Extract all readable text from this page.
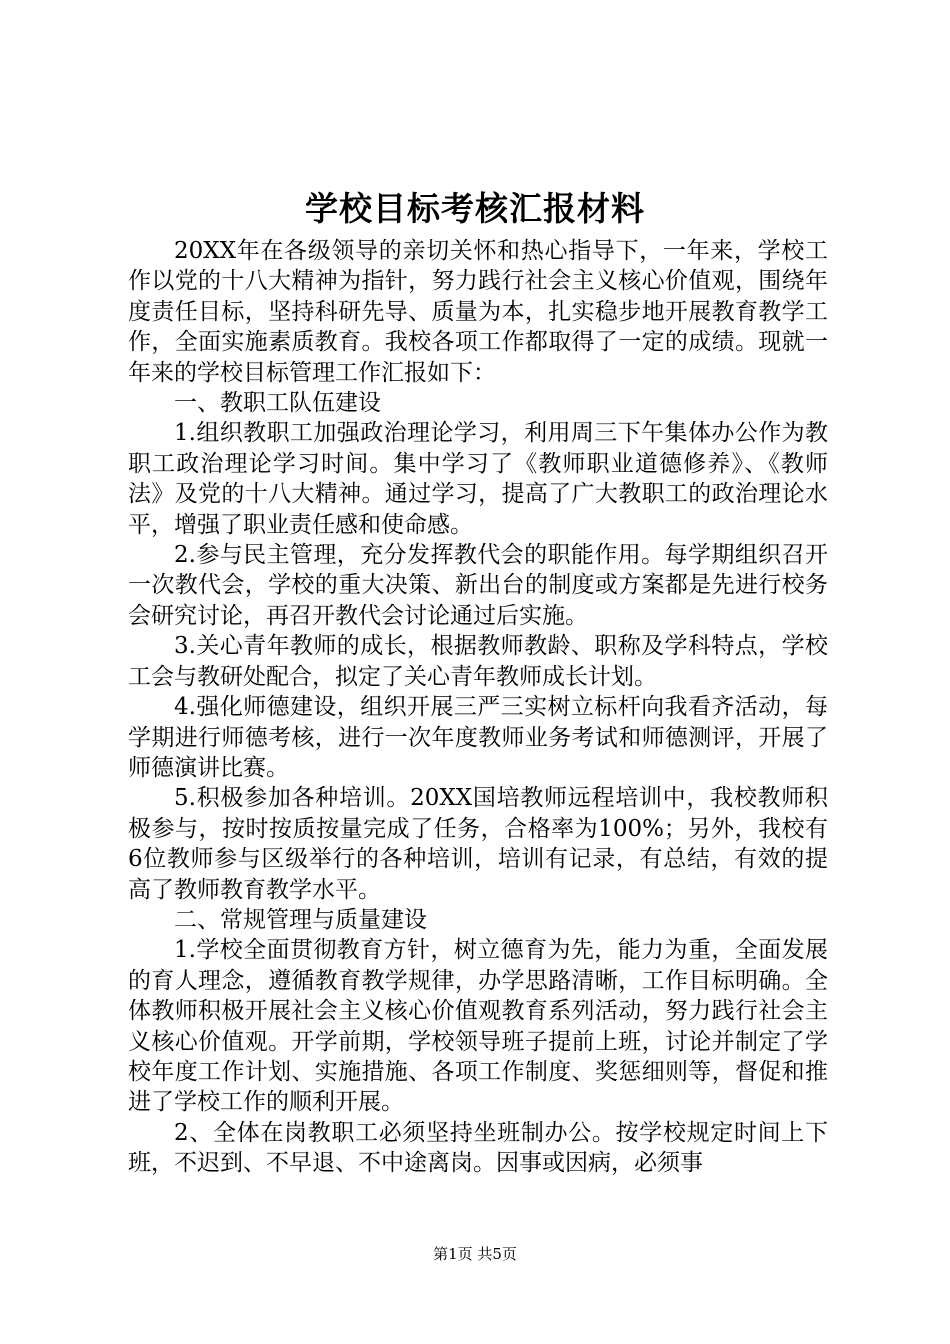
学校目标考核汇报材料

20XX年在各级领导的亲切关怀和热心指导下，一年来，学校工作以党的十八大精神为指针，努力践行社会主义核心价值观，围绕年度责任目标，坚持科研先导、质量为本，扎实稳步地开展教育教学工作，全面实施素质教育。我校各项工作都取得了一定的成绩。现就一年来的学校目标管理工作汇报如下：

一、教职工队伍建设

1.组织教职工加强政治理论学习，利用周三下午集体办公作为教职工政治理论学习时间。集中学习了《教师职业道德修养》、《教师法》及党的十八大精神。通过学习，提高了广大教职工的政治理论水平，增强了职业责任感和使命感。

2.参与民主管理，充分发挥教代会的职能作用。每学期组织召开一次教代会，学校的重大决策、新出台的制度或方案都是先进行校务会研究讨论，再召开教代会讨论通过后实施。

3.关心青年教师的成长，根据教师教龄、职称及学科特点，学校工会与教研处配合，拟定了关心青年教师成长计划。

4.强化师德建设，组织开展三严三实树立标杆向我看齐活动，每学期进行师德考核，进行一次年度教师业务考试和师德测评，开展了师德演讲比赛。

5.积极参加各种培训。20XX国培教师远程培训中，我校教师积极参与，按时按质按量完成了任务，合格率为100%；另外，我校有6位教师参与区级举行的各种培训，培训有记录，有总结，有效的提高了教师教育教学水平。

二、常规管理与质量建设

1.学校全面贯彻教育方针，树立德育为先，能力为重，全面发展的育人理念，遵循教育教学规律，办学思路清晰，工作目标明确。全体教师积极开展社会主义核心价值观教育系列活动，努力践行社会主义核心价值观。开学前期，学校领导班子提前上班，讨论并制定了学校年度工作计划、实施措施、各项工作制度、奖惩细则等，督促和推进了学校工作的顺利开展。

2、全体在岗教职工必须坚持坐班制办公。按学校规定时间上下班，不迟到、不早退、不中途离岗。因事或因病，必须事

第1页 共5页
